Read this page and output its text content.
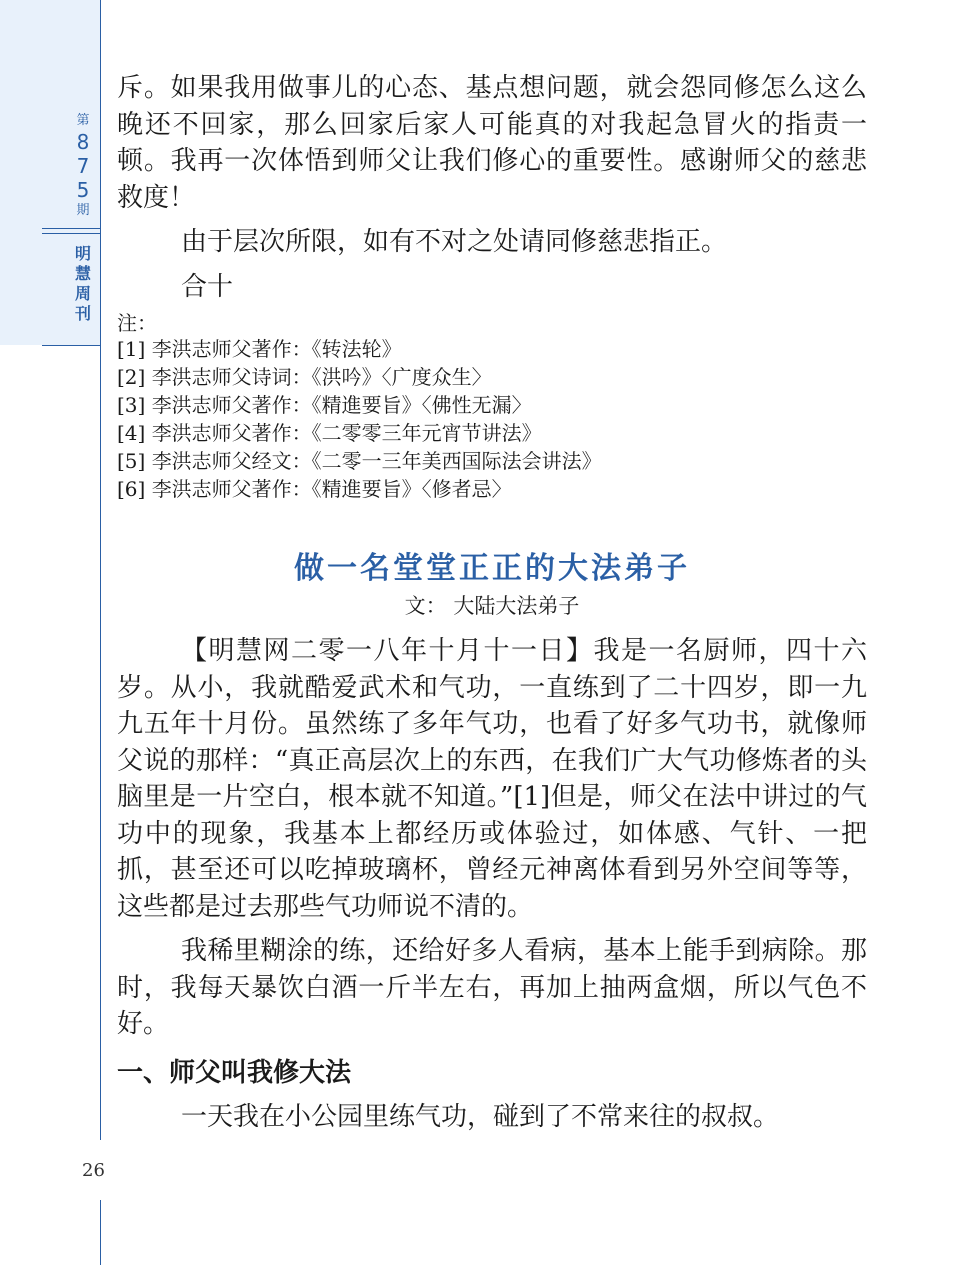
第
8
7
5
期
明
慧
周
刊
26

斥。如果我用做事儿的心态、基点想问题，就会怨同修怎么这么晚还不回家，那么回家后家人可能真的对我起急冒火的指责一顿。我再一次体悟到师父让我们修心的重要性。感谢师父的慈悲救度！

由于层次所限，如有不对之处请同修慈悲指正。

合十

注：
[1] 李洪志师父著作：《转法轮》
[2] 李洪志师父诗词：《洪吟》〈广度众生〉
[3] 李洪志师父著作：《精進要旨》〈佛性无漏〉
[4] 李洪志师父著作：《二零零三年元宵节讲法》
[5] 李洪志师父经文：《二零一三年美西国际法会讲法》
[6] 李洪志师父著作：《精進要旨》〈修者忌〉
做一名堂堂正正的大法弟子
文： 大陆大法弟子

【明慧网二零一八年十月十一日】我是一名厨师，四十六岁。从小，我就酷爱武术和气功，一直练到了二十四岁，即一九九五年十月份。虽然练了多年气功，也看了好多气功书，就像师父说的那样：“真正高层次上的东西，在我们广大气功修炼者的头脑里是一片空白，根本就不知道。”[1]但是，师父在法中讲过的气功中的现象，我基本上都经历或体验过，如体感、气针、一把抓，甚至还可以吃掉玻璃杯，曾经元神离体看到另外空间等等，这些都是过去那些气功师说不清的。

我稀里糊涂的练，还给好多人看病，基本上能手到病除。那时，我每天暴饮白酒一斤半左右，再加上抽两盒烟，所以气色不好。

一、师父叫我修大法

一天我在小公园里练气功，碰到了不常来往的叔叔。
